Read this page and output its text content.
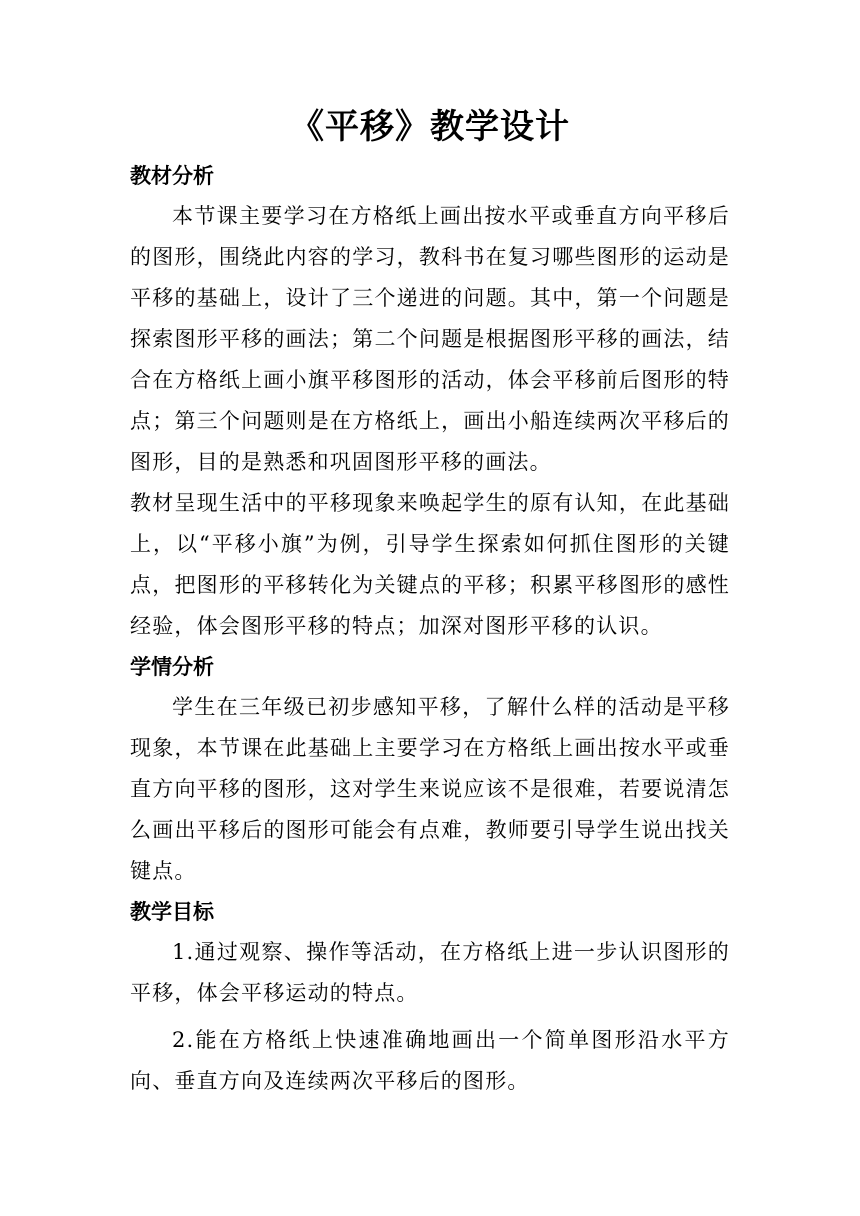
《平移》教学设计
教材分析

本节课主要学习在方格纸上画出按水平或垂直方向平移后的图形，围绕此内容的学习，教科书在复习哪些图形的运动是平移的基础上，设计了三个递进的问题。其中，第一个问题是探索图形平移的画法；第二个问题是根据图形平移的画法，结合在方格纸上画小旗平移图形的活动，体会平移前后图形的特点；第三个问题则是在方格纸上，画出小船连续两次平移后的图形，目的是熟悉和巩固图形平移的画法。

教材呈现生活中的平移现象来唤起学生的原有认知，在此基础上，以“平移小旗”为例，引导学生探索如何抓住图形的关键点，把图形的平移转化为关键点的平移；积累平移图形的感性经验，体会图形平移的特点；加深对图形平移的认识。

学情分析

学生在三年级已初步感知平移，了解什么样的活动是平移现象，本节课在此基础上主要学习在方格纸上画出按水平或垂直方向平移的图形，这对学生来说应该不是很难，若要说清怎么画出平移后的图形可能会有点难，教师要引导学生说出找关键点。

教学目标

1.通过观察、操作等活动，在方格纸上进一步认识图形的平移，体会平移运动的特点。

2.能在方格纸上快速准确地画出一个简单图形沿水平方向、垂直方向及连续两次平移后的图形。
